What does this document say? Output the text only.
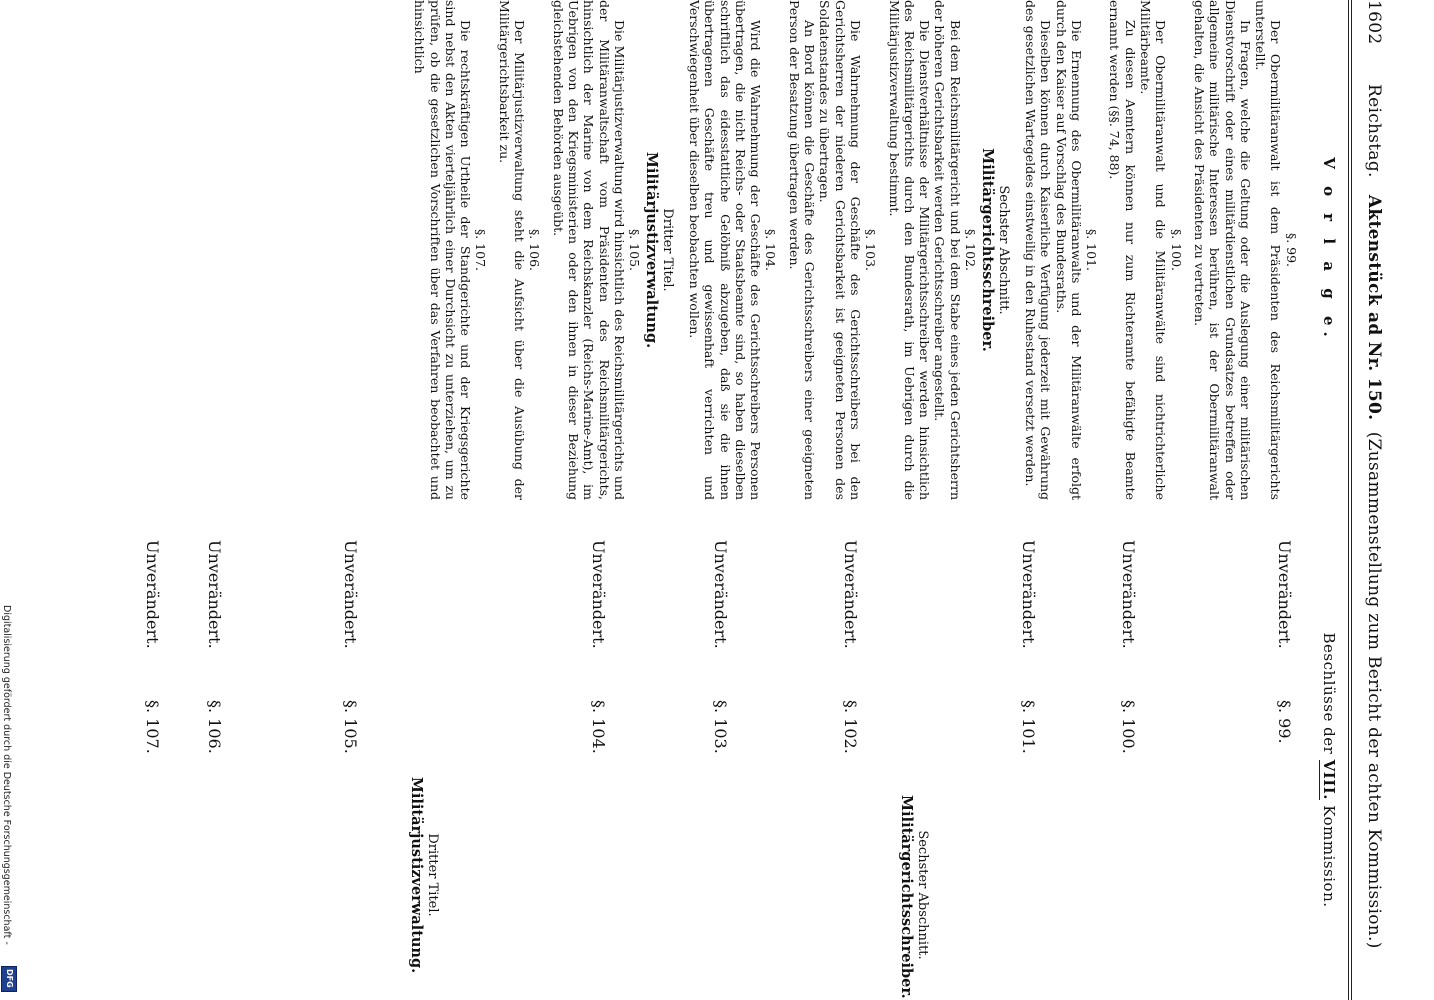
1602
Reichstag.   Aktenstück ad Nr. 150.  (Zusammenstellung zum Bericht der achten Kommission.)
V o r l a g e.
§. 99.

Der Obermilitäranwalt ist dem Präsidenten des Reichsmilitärgerichts unterstellt.

In Fragen, welche die Geltung oder die Auslegung einer militärischen Dienstvorschrift oder eines militärdienstlichen Grundsatzes betreffen oder allgemeine militärische Interessen berühren, ist der Obermilitäranwalt gehalten, die Ansicht des Präsidenten zu vertreten.

§. 100.

Der Obermilitäranwalt und die Militäranwälte sind nichtrichterliche Militärbeamte.

Zu diesen Aemtern können nur zum Richteramte befähigte Beamte ernannt werden (§§. 74, 88).

§. 101.

Die Ernennung des Obermilitäranwalts und der Militäranwälte erfolgt durch den Kaiser auf Vorschlag des Bundesraths.

Dieselben können durch Kaiserliche Verfügung jederzeit mit Gewährung des gesetzlichen Wartegeldes einstweilig in den Ruhestand versetzt werden.

Sechster Abschnitt.
Militärgerichtsschreiber.
§. 102.

Bei dem Reichsmilitärgericht und bei dem Stabe eines jeden Gerichtsherrn der höheren Gerichtsbarkeit werden Gerichtsschreiber angestellt.

Die Dienstverhältnisse der Militärgerichtsschreiber werden hinsichtlich des Reichsmilitärgerichts durch den Bundesrath, im Uebrigen durch die Militärjustizverwaltung bestimmt.

§. 103.

Die Wahrnehmung der Geschäfte des Gerichtsschreibers bei den Gerichtsherren der niederen Gerichtsbarkeit ist geeigneten Personen des Soldatenstandes zu übertragen.

An Bord können die Geschäfte des Gerichtsschreibers einer geeigneten Person der Besatzung übertragen werden.

§. 104.

Wird die Wahrnehmung der Geschäfte des Gerichtsschreibers Personen übertragen, die nicht Reichs- oder Staatsbeamte sind, so haben dieselben schriftlich das eidesstattliche Gelöbniß abzugeben, daß sie die ihnen übertragenen Geschäfte treu und gewissenhaft verrichten und Verschwiegenheit über dieselben beobachten wollen.

Dritter Titel.
Militärjustizverwaltung.
§. 105.

Die Militärjustizverwaltung wird hinsichtlich des Reichsmilitärgerichts und der Militäranwaltschaft vom Präsidenten des Reichsmilitärgerichts, hinsichtlich der Marine von dem Reichskanzler (Reichs-Marine-Amt), im Uebrigen von den Kriegsministerien oder den ihnen in dieser Beziehung gleichstehenden Behörden ausgeübt.

§. 106.

Der Militärjustizverwaltung steht die Aufsicht über die Ausübung der Militärgerichtsbarkeit zu.

§. 107.

Die rechtskräftigen Urtheile der Standgerichte und der Kriegsgerichte sind nebst den Akten vierteljährlich einer Durchsicht zu unterziehen, um zu prüfen, ob die gesetzlichen Vorschriften über das Verfahren beobachtet und hinsichtlich

Beschlüsse der VIII. Kommission.
Unverändert.
§. 99.
Unverändert.
§. 100.
Unverändert.
§. 101.
Sechster Abschnitt.
Militärgerichtsschreiber.
Unverändert.
§. 102.
Unverändert.
§. 103.
Unverändert.
§. 104.
Dritter Titel.
Militärjustizverwaltung.
Unverändert.
§. 105.
Unverändert.
§. 106.
Unverändert.
§. 107.
Digitalisierung gefördert durch die Deutsche Forschungsgemeinschaft -
DFG
